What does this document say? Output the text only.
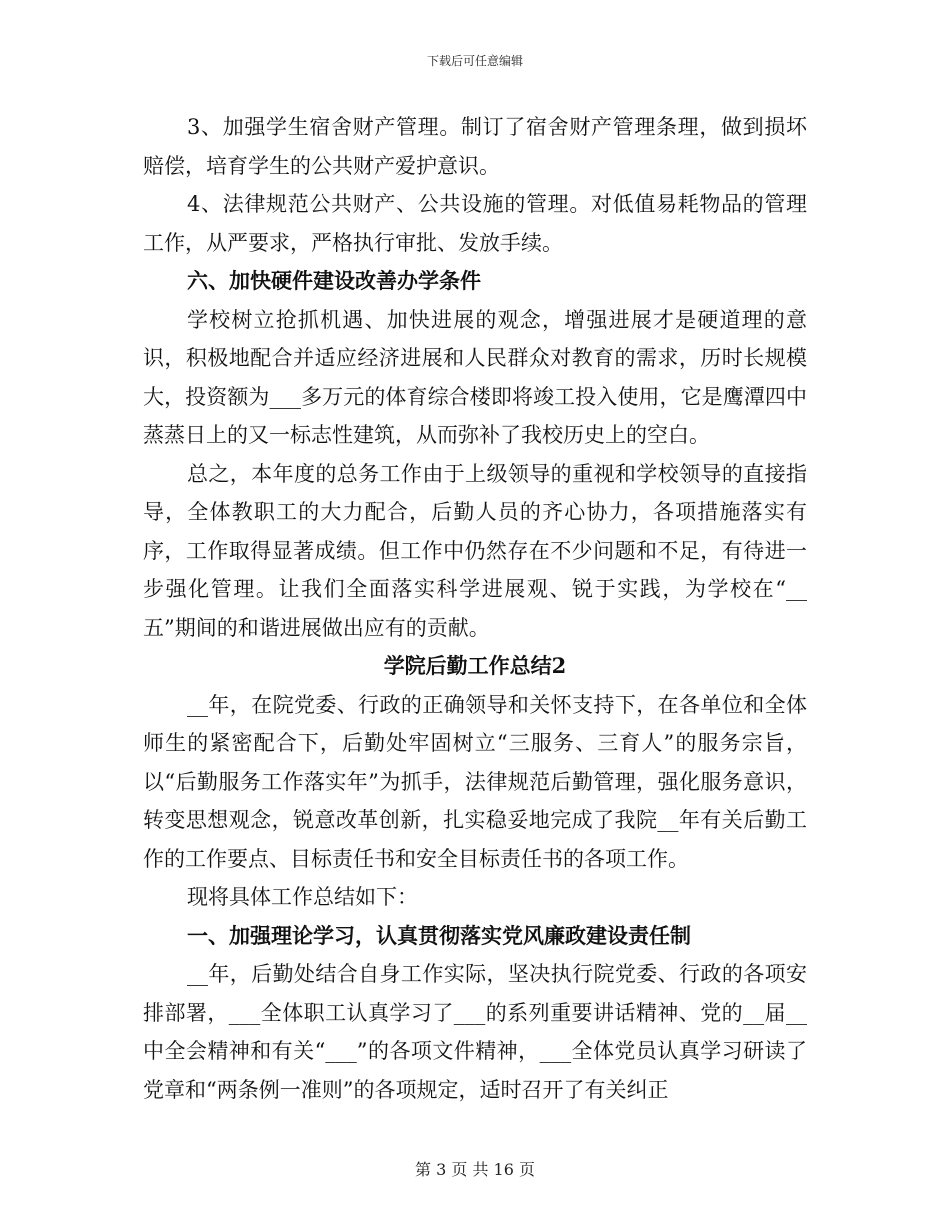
下载后可任意编辑

3、加强学生宿舍财产管理。制订了宿舍财产管理条理，做到损坏赔偿，培育学生的公共财产爱护意识。

4、法律规范公共财产、公共设施的管理。对低值易耗物品的管理工作，从严要求，严格执行审批、发放手续。

六、加快硬件建设改善办学条件

学校树立抢抓机遇、加快进展的观念，增强进展才是硬道理的意识，积极地配合并适应经济进展和人民群众对教育的需求，历时长规模大，投资额为___多万元的体育综合楼即将竣工投入使用，它是鹰潭四中蒸蒸日上的又一标志性建筑，从而弥补了我校历史上的空白。

总之，本年度的总务工作由于上级领导的重视和学校领导的直接指导，全体教职工的大力配合，后勤人员的齐心协力，各项措施落实有序，工作取得显著成绩。但工作中仍然存在不少问题和不足，有待进一步强化管理。让我们全面落实科学进展观、锐于实践，为学校在“__五”期间的和谐进展做出应有的贡献。

学院后勤工作总结2

__年，在院党委、行政的正确领导和关怀支持下，在各单位和全体师生的紧密配合下，后勤处牢固树立“三服务、三育人”的服务宗旨，以“后勤服务工作落实年”为抓手，法律规范后勤管理，强化服务意识，转变思想观念，锐意改革创新，扎实稳妥地完成了我院__年有关后勤工作的工作要点、目标责任书和安全目标责任书的各项工作。

现将具体工作总结如下：

一、加强理论学习，认真贯彻落实党风廉政建设责任制

__年，后勤处结合自身工作实际，坚决执行院党委、行政的各项安排部署，___全体职工认真学习了___的系列重要讲话精神、党的__届__中全会精神和有关“___”的各项文件精神，___全体党员认真学习研读了党章和“两条例一准则”的各项规定，适时召开了有关纠正

第 3 页 共 16 页
